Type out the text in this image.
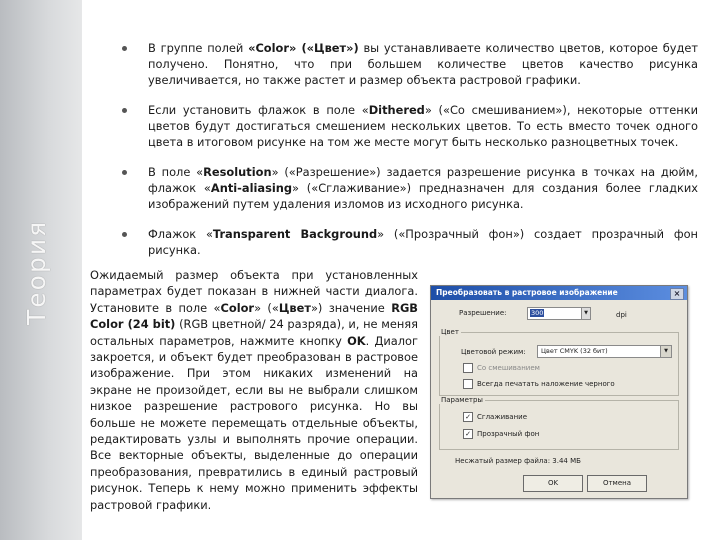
Теория
В группе полей «Color» («Цвет») вы устанавливаете количество цветов, которое будет получено. Понятно, что при большем количестве цветов качество рисунка увеличивается, но также растет и размер объекта растровой графики.
Если установить флажок в поле «Dithered» («Со смешиванием»), некоторые оттенки цветов будут достигаться смешением нескольких цветов. То есть вместо точек одного цвета в итоговом рисунке на том же месте могут быть несколько разноцветных точек.
В поле «Resolution» («Разрешение») задается разрешение рисунка в точках на дюйм, флажок «Anti-aliasing» («Сглаживание») предназначен для создания более гладких изображений путем удаления изломов из исходного рисунка.
Флажок «Transparent Background» («Прозрачный фон») создает прозрачный фон рисунка.
Ожидаемый размер объекта при установленных параметрах будет показан в нижней части диалога. Установите в поле «Color» («Цвет») значение RGB Color (24 bit) (RGB цветной/ 24 разряда), и, не меняя остальных параметров, нажмите кнопку OK. Диалог закроется, и объект будет преобразован в растровое изображение. При этом никаких изменений на экране не произойдет, если вы не выбрали слишком низкое разрешение растрового рисунка. Но вы больше не можете перемещать отдельные объекты, редактировать узлы и выполнять прочие операции. Все векторные объекты, выделенные до операции преобразования, превратились в единый растровый рисунок. Теперь к нему можно применить эффекты растровой графики.
Преобразовать в растровое изображение	×
Разрешение:	300	▼	dpi
Цвет
Цветовой режим:	Цвет CMYK (32 бит)	▼
Со смешиванием
Всегда печатать наложение черного
Параметры
✓ Сглаживание
✓ Прозрачный фон
Несжатый размер файла: 3.44 MБ
OK	Отмена
